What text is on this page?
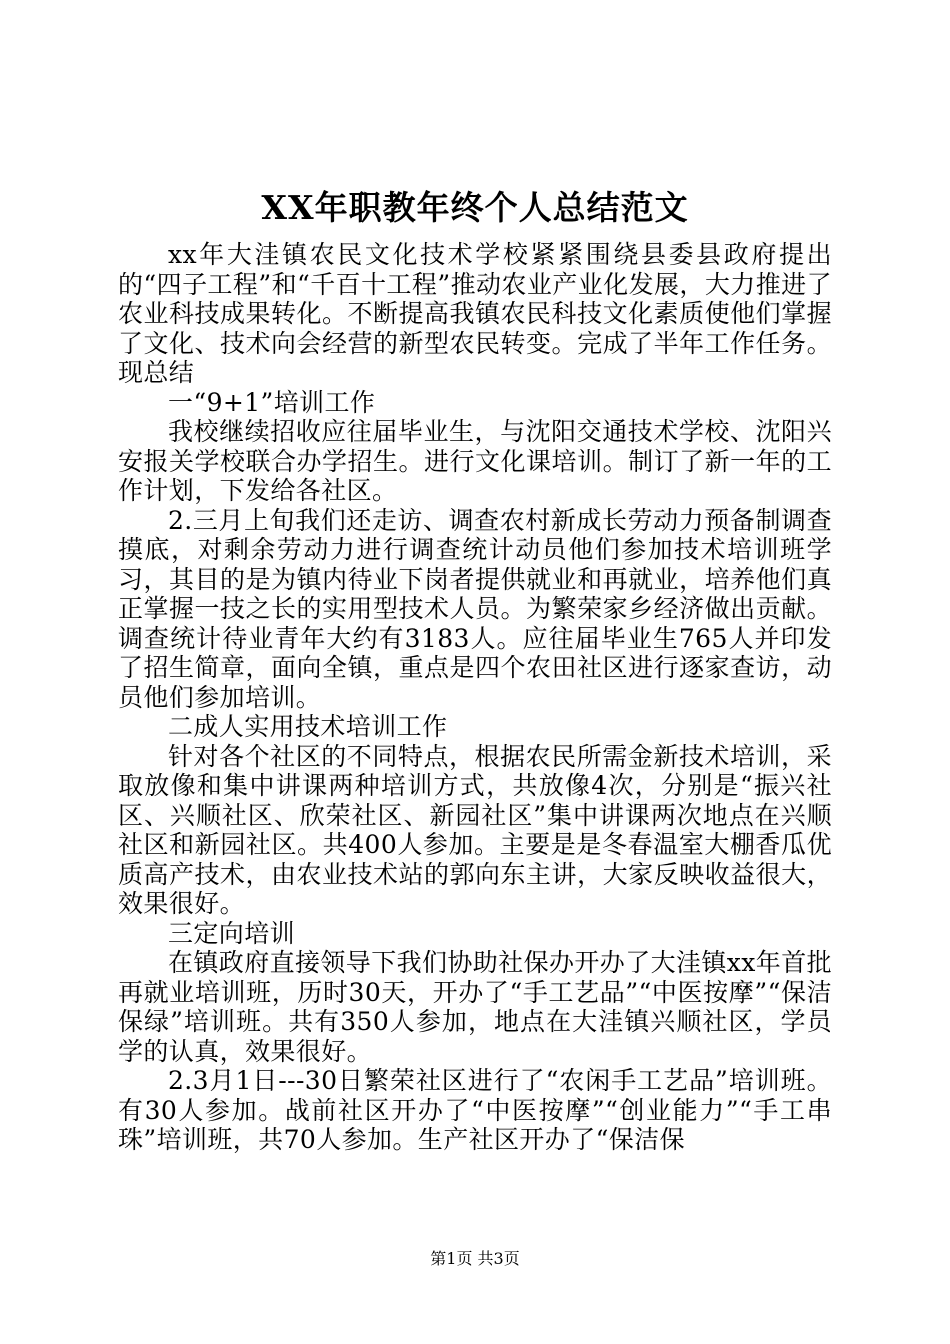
XX年职教年终个人总结范文

xx年大洼镇农民文化技术学校紧紧围绕县委县政府提出的“四子工程”和“千百十工程”推动农业产业化发展，大力推进了农业科技成果转化。不断提高我镇农民科技文化素质使他们掌握了文化、技术向会经营的新型农民转变。完成了半年工作任务。现总结

一“9+1”培训工作

我校继续招收应往届毕业生，与沈阳交通技术学校、沈阳兴安报关学校联合办学招生。进行文化课培训。制订了新一年的工作计划，下发给各社区。

2.三月上旬我们还走访、调查农村新成长劳动力预备制调查摸底，对剩余劳动力进行调查统计动员他们参加技术培训班学习，其目的是为镇内待业下岗者提供就业和再就业，培养他们真正掌握一技之长的实用型技术人员。为繁荣家乡经济做出贡献。调查统计待业青年大约有3183人。应往届毕业生765人并印发了招生简章，面向全镇，重点是四个农田社区进行逐家查访，动员他们参加培训。

二成人实用技术培训工作

针对各个社区的不同特点，根据农民所需金新技术培训，采取放像和集中讲课两种培训方式，共放像4次，分别是“振兴社区、兴顺社区、欣荣社区、新园社区”集中讲课两次地点在兴顺社区和新园社区。共400人参加。主要是是冬春温室大棚香瓜优质高产技术，由农业技术站的郭向东主讲，大家反映收益很大，效果很好。

三定向培训

在镇政府直接领导下我们协助社保办开办了大洼镇xx年首批再就业培训班，历时30天，开办了“手工艺品”“中医按摩”“保洁保绿”培训班。共有350人参加，地点在大洼镇兴顺社区，学员学的认真，效果很好。

2.3月1日---30日繁荣社区进行了“农闲手工艺品”培训班。有30人参加。战前社区开办了“中医按摩”“创业能力”“手工串珠”培训班，共70人参加。生产社区开办了“保洁保

第1页 共3页
